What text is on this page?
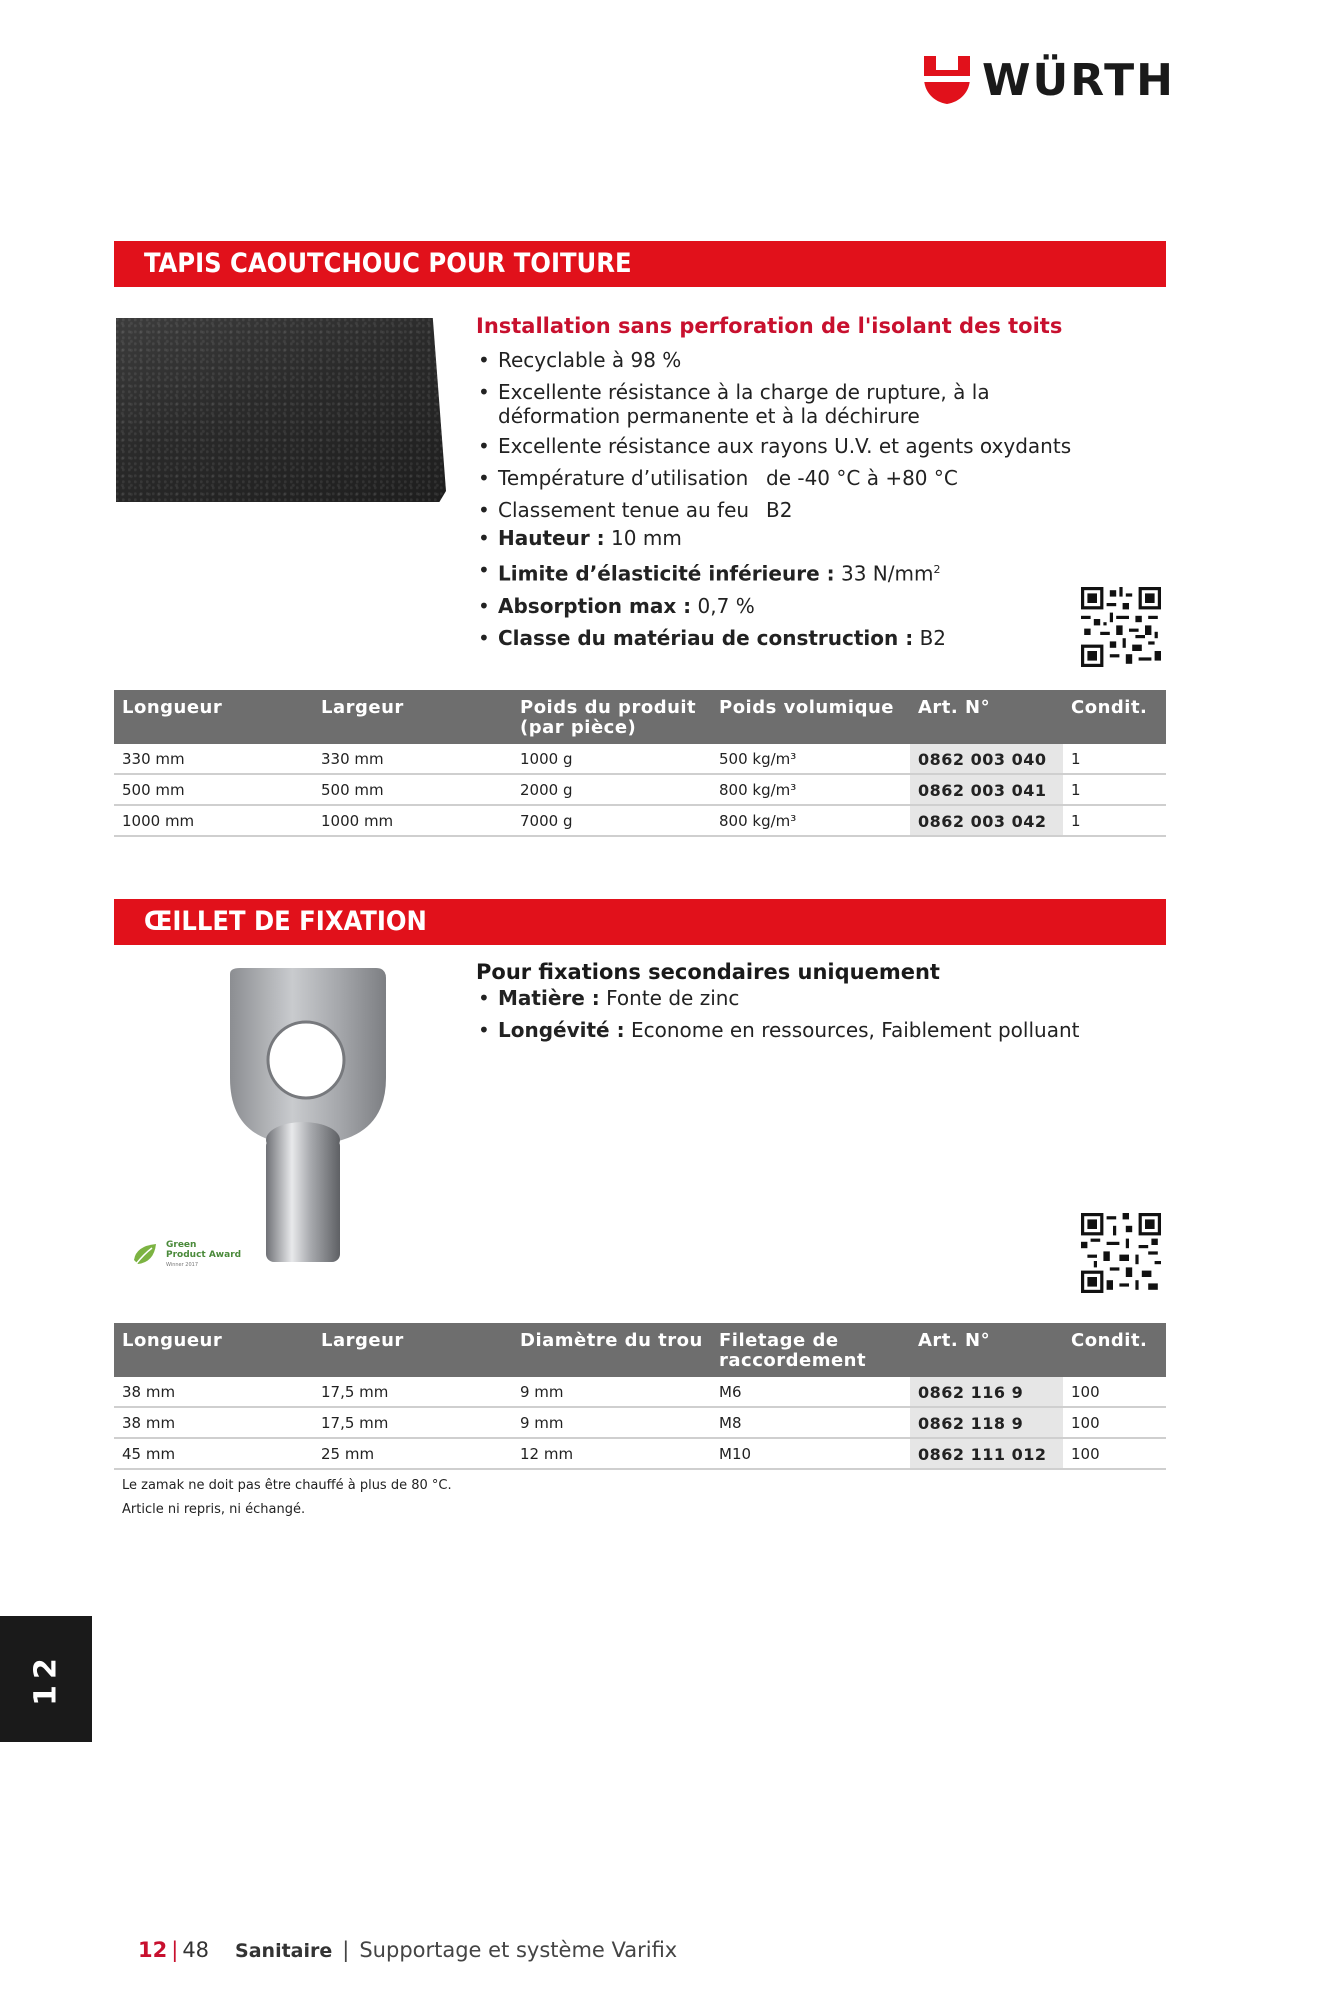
WÜRTH
TAPIS CAOUTCHOUC POUR TOITURE
Installation sans perforation de l'isolant des toits
• Recyclable à 98 %
• Excellente résistance à la charge de rupture, à la déformation permanente et à la déchirure
• Excellente résistance aux rayons U.V. et agents oxydants
• Température d’utilisation de -40 °C à +80 °C
• Classement tenue au feu B2
• Hauteur : 10 mm
• Limite d’élasticité inférieure : 33 $N/mm^2$
• Absorption max : 0,7 %
• Classe du matériau de construction : B2
Longueur	Largeur	Poids du produit (par pièce)	Poids volumique	Art. N°	Condit.
330 mm	330 mm	1000 g	500 kg/m³	0862 003 040	1
500 mm	500 mm	2000 g	800 kg/m³	0862 003 041	1
1000 mm	1000 mm	7000 g	800 kg/m³	0862 003 042	1
ŒILLET DE FIXATION
Green
Product Award
Winner 2017
Pour fixations secondaires uniquement
• Matière : Fonte de zinc
• Longévité : Econome en ressources, Faiblement polluant
Longueur	Largeur	Diamètre du trou	Filetage de raccordement	Art. N°	Condit.
38 mm	17,5 mm	9 mm	M6	0862 116 9	100
38 mm	17,5 mm	9 mm	M8	0862 118 9	100
45 mm	25 mm	12 mm	M10	0862 111 012	100
Le zamak ne doit pas être chauffé à plus de 80 °C.
Article ni repris, ni échangé.
12
12 | 48 Sanitaire | Supportage et système Varifix
